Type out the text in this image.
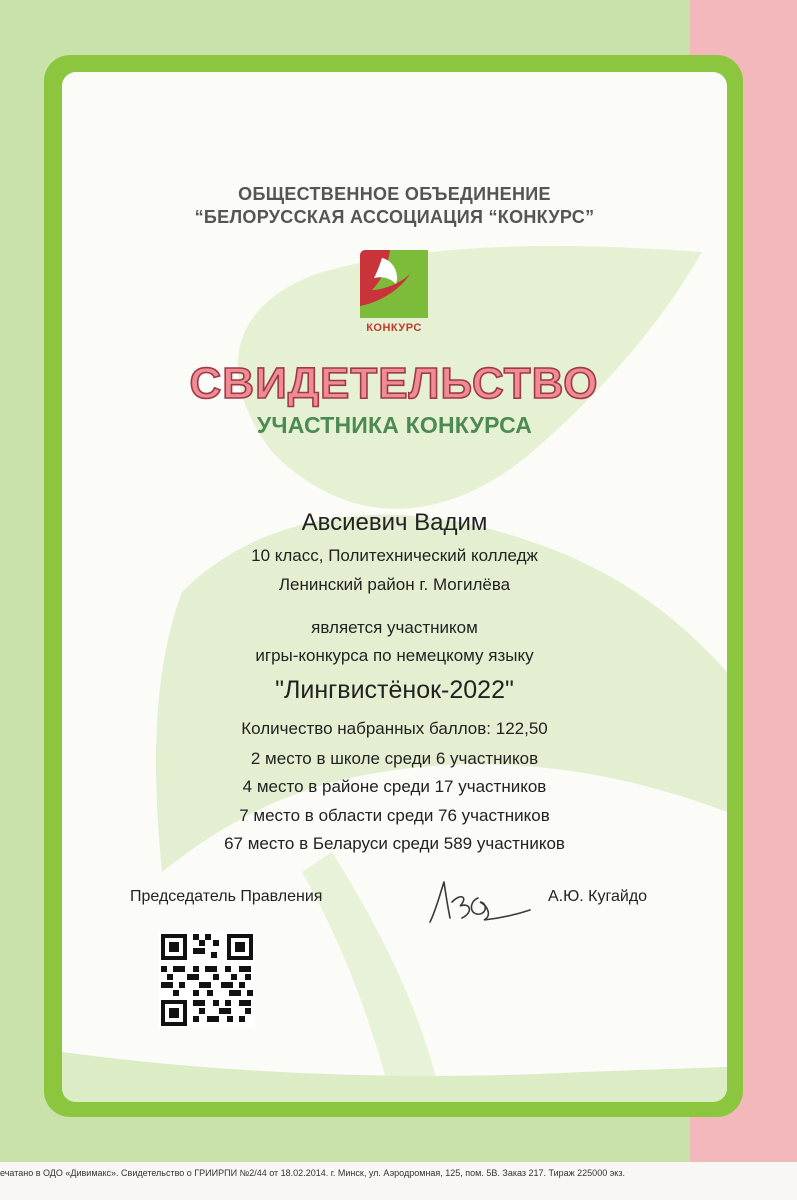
ОБЩЕСТВЕННОЕ ОБЪЕДИНЕНИЕ
“БЕЛОРУССКАЯ АССОЦИАЦИЯ “КОНКУРС”
КОНКУРС
СВИДЕТЕЛЬСТВО
УЧАСТНИКА КОНКУРСА
Авсиевич Вадим
10 класс, Политехнический колледж
Ленинский район г. Могилёва
является участником
игры-конкурса по немецкому языку
"Лингвистёнок-2022"
Количество набранных баллов: 122,50
2 место в школе среди 6 участников
4 место в районе среди 17 участников
7 место в области среди 76 участников
67 место в Беларуси среди 589 участников
Председатель Правления	А.Ю. Кугайдо
ечатано в ОДО «Дивимакс». Свидетельство о ГРИИРПИ №2/44 от 18.02.2014. г. Минск, ул. Аэродромная, 125, пом. 5В. Заказ 217. Тираж 225000 экз.
